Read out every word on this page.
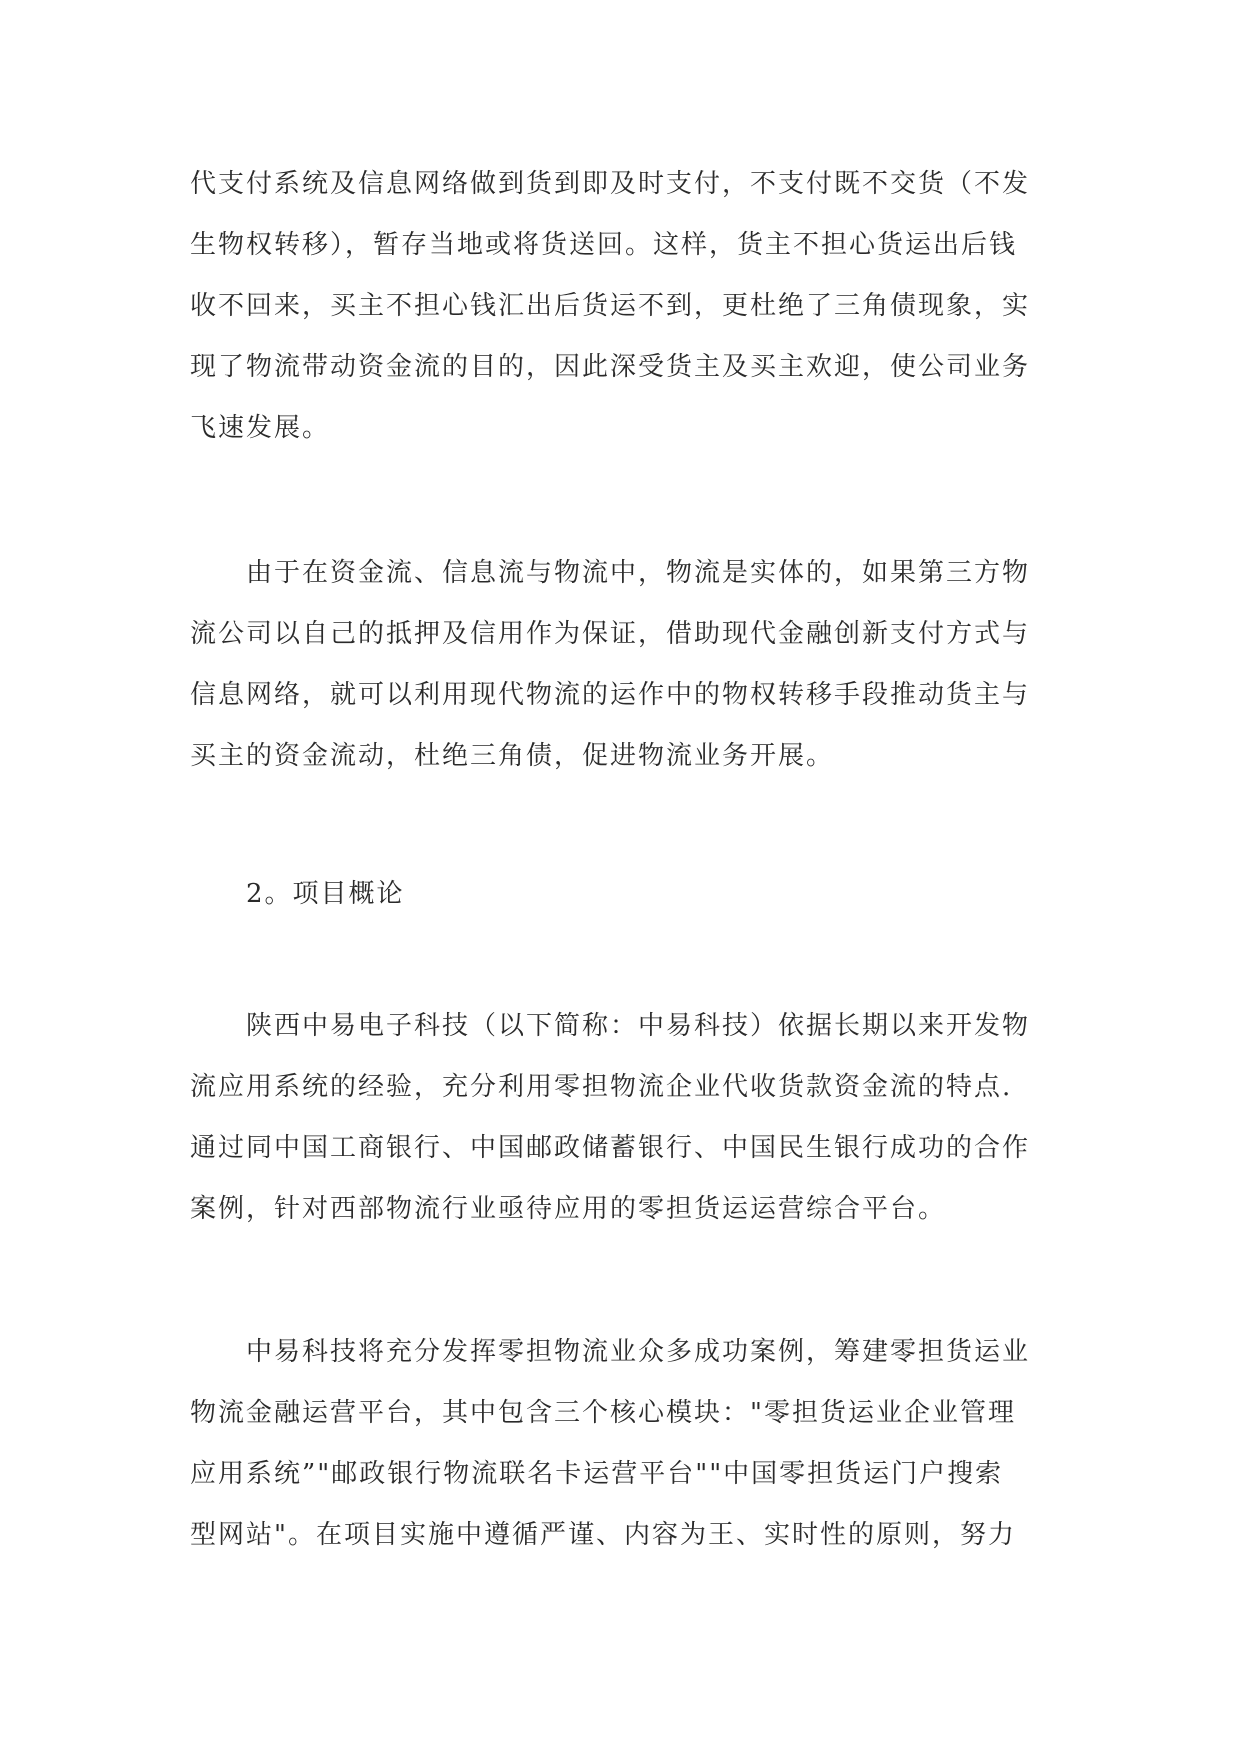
代支付系统及信息网络做到货到即及时支付，不支付既不交货（不发
生物权转移），暂存当地或将货送回。这样，货主不担心货运出后钱
收不回来，买主不担心钱汇出后货运不到，更杜绝了三角债现象，实
现了物流带动资金流的目的，因此深受货主及买主欢迎，使公司业务
飞速发展。
由于在资金流、信息流与物流中，物流是实体的，如果第三方物
流公司以自己的抵押及信用作为保证，借助现代金融创新支付方式与
信息网络，就可以利用现代物流的运作中的物权转移手段推动货主与
买主的资金流动，杜绝三角债，促进物流业务开展。
2。项目概论
陕西中易电子科技（以下简称：中易科技）依据长期以来开发物
流应用系统的经验，充分利用零担物流企业代收货款资金流的特点.
通过同中国工商银行、中国邮政储蓄银行、中国民生银行成功的合作
案例，针对西部物流行业亟待应用的零担货运运营综合平台。
中易科技将充分发挥零担物流业众多成功案例，筹建零担货运业
物流金融运营平台，其中包含三个核心模块："零担货运业企业管理
应用系统”"邮政银行物流联名卡运营平台""中国零担货运门户搜索
型网站"。在项目实施中遵循严谨、内容为王、实时性的原则，努力
